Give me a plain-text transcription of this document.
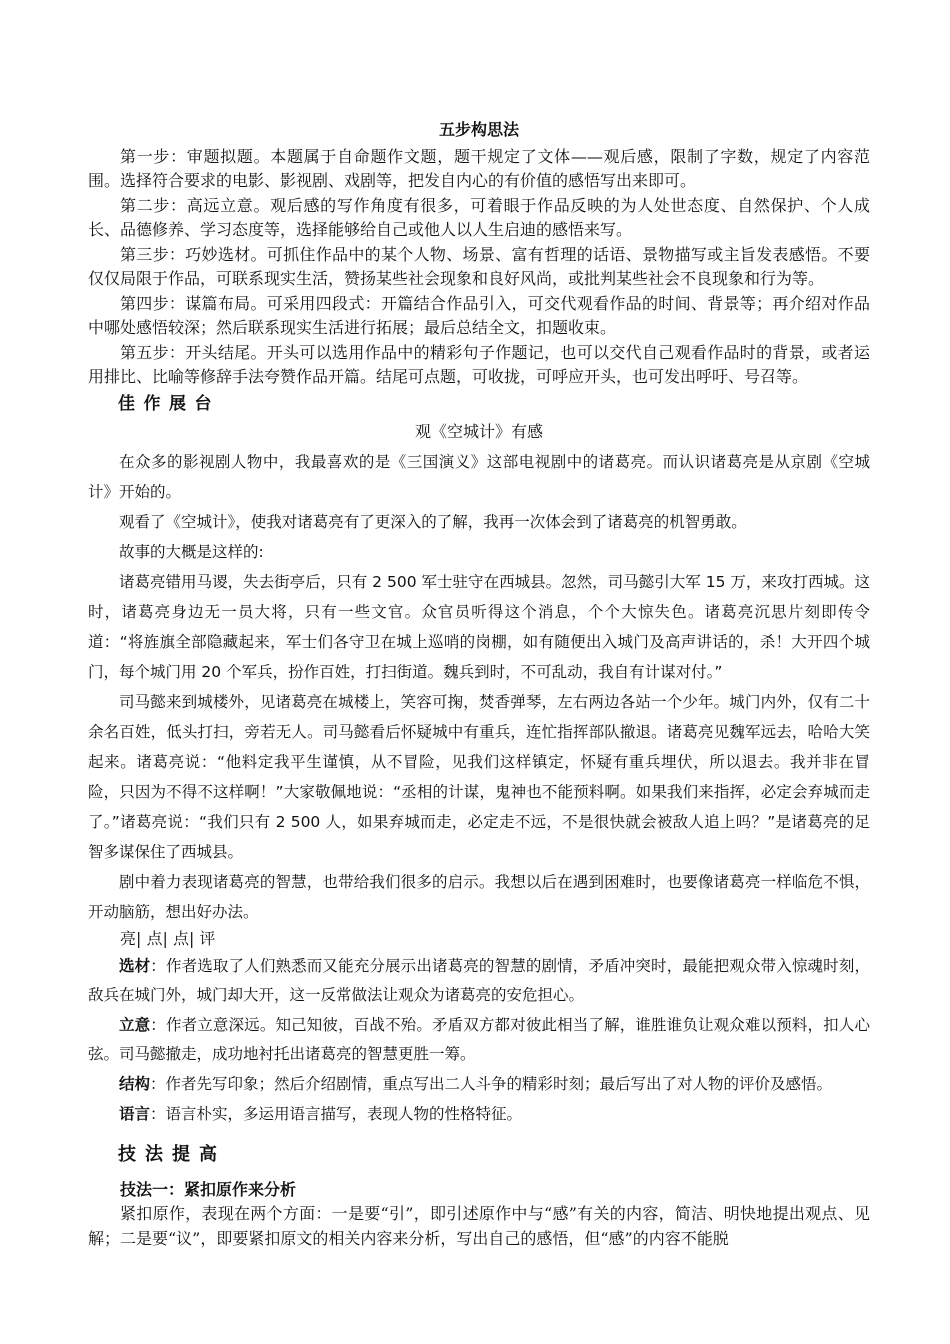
五步构思法

第一步：审题拟题。本题属于自命题作文题，题干规定了文体——观后感，限制了字数，规定了内容范围。选择符合要求的电影、影视剧、戏剧等，把发自内心的有价值的感悟写出来即可。

第二步：高远立意。观后感的写作角度有很多，可着眼于作品反映的为人处世态度、自然保护、个人成长、品德修养、学习态度等，选择能够给自己或他人以人生启迪的感悟来写。

第三步：巧妙选材。可抓住作品中的某个人物、场景、富有哲理的话语、景物描写或主旨发表感悟。不要仅仅局限于作品，可联系现实生活，赞扬某些社会现象和良好风尚，或批判某些社会不良现象和行为等。

第四步：谋篇布局。可采用四段式：开篇结合作品引入，可交代观看作品的时间、背景等；再介绍对作品中哪处感悟较深；然后联系现实生活进行拓展；最后总结全文，扣题收束。

第五步：开头结尾。开头可以选用作品中的精彩句子作题记，也可以交代自己观看作品时的背景，或者运用排比、比喻等修辞手法夸赞作品开篇。结尾可点题，可收拢，可呼应开头，也可发出呼吁、号召等。

佳作展台

观《空城计》有感

在众多的影视剧人物中，我最喜欢的是《三国演义》这部电视剧中的诸葛亮。而认识诸葛亮是从京剧《空城计》开始的。

观看了《空城计》，使我对诸葛亮有了更深入的了解，我再一次体会到了诸葛亮的机智勇敢。

故事的大概是这样的:

诸葛亮错用马谡，失去街亭后，只有 2 500 军士驻守在西城县。忽然，司马懿引大军 15 万，来攻打西城。这时，诸葛亮身边无一员大将，只有一些文官。众官员听得这个消息，个个大惊失色。诸葛亮沉思片刻即传令道：“将旌旗全部隐藏起来，军士们各守卫在城上巡哨的岗棚，如有随便出入城门及高声讲话的，杀！大开四个城门，每个城门用 20 个军兵，扮作百姓，打扫街道。魏兵到时，不可乱动，我自有计谋对付。”

司马懿来到城楼外，见诸葛亮在城楼上，笑容可掬，焚香弹琴，左右两边各站一个少年。城门内外，仅有二十余名百姓，低头打扫，旁若无人。司马懿看后怀疑城中有重兵，连忙指挥部队撤退。诸葛亮见魏军远去，哈哈大笑起来。诸葛亮说：“他料定我平生谨慎，从不冒险，见我们这样镇定，怀疑有重兵埋伏，所以退去。我并非在冒险，只因为不得不这样啊！”大家敬佩地说：“丞相的计谋，鬼神也不能预料啊。如果我们来指挥，必定会弃城而走了。”诸葛亮说：“我们只有 2 500 人，如果弃城而走，必定走不远，不是很快就会被敌人追上吗？”是诸葛亮的足智多谋保住了西城县。

剧中着力表现诸葛亮的智慧，也带给我们很多的启示。我想以后在遇到困难时，也要像诸葛亮一样临危不惧，开动脑筋，想出好办法。

亮| 点| 点| 评

选材：作者选取了人们熟悉而又能充分展示出诸葛亮的智慧的剧情，矛盾冲突时，最能把观众带入惊魂时刻，敌兵在城门外，城门却大开，这一反常做法让观众为诸葛亮的安危担心。

立意：作者立意深远。知己知彼，百战不殆。矛盾双方都对彼此相当了解，谁胜谁负让观众难以预料，扣人心弦。司马懿撤走，成功地衬托出诸葛亮的智慧更胜一筹。

结构：作者先写印象；然后介绍剧情，重点写出二人斗争的精彩时刻；最后写出了对人物的评价及感悟。

语言：语言朴实，多运用语言描写，表现人物的性格特征。

技法提高

技法一：紧扣原作来分析

紧扣原作，表现在两个方面：一是要“引”，即引述原作中与“感”有关的内容，简洁、明快地提出观点、见解；二是要“议”，即要紧扣原文的相关内容来分析，写出自己的感悟，但“感”的内容不能脱
